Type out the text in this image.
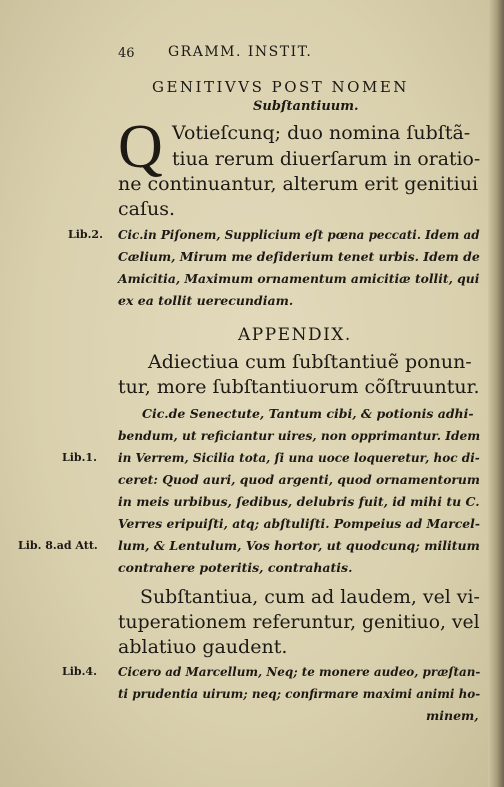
46 GRAMM. INSTIT.
GENITIVVS POST NOMEN
Subſtantiuum.
Q Votieſcunq; duo nomina ſubſtã-
tiua rerum diuerſarum in oratio-
ne continuantur, alterum erit genitiui
caſus.
Lib.2. Cic.in Piſonem, Supplicium eſt pœna peccati. Idem ad
Cælium, Mirum me deſiderium tenet urbis. Idem de
Amicitia, Maximum ornamentum amicitiæ tollit, qui
ex ea tollit uerecundiam.
APPENDIX.
Adiectiua cum ſubſtantiuẽ ponun-
tur, more ſubſtantiuorum cõſtruuntur.
Cic.de Senectute, Tantum cibi, & potionis adhi-
bendum, ut reficiantur uires, non opprimantur. Idem
Lib.1. in Verrem, Sicilia tota, ſi una uoce loqueretur, hoc di-
ceret: Quod auri, quod argenti, quod ornamentorum
in meis urbibus, ſedibus, delubris fuit, id mihi tu C.
Verres eripuiſti, atq; abſtuliſti. Pompeius ad Marcel-
Lib. 8.ad Att. lum, & Lentulum, Vos hortor, ut quodcunq; militum
contrahere poteritis, contrahatis.
Subſtantiua, cum ad laudem, vel vi-
tuperationem referuntur, genitiuo, vel
ablatiuo gaudent.
Lib.4. Cicero ad Marcellum, Neq; te monere audeo, præſtan-
ti prudentia uirum; neq; confirmare maximi animi ho-
minem,
